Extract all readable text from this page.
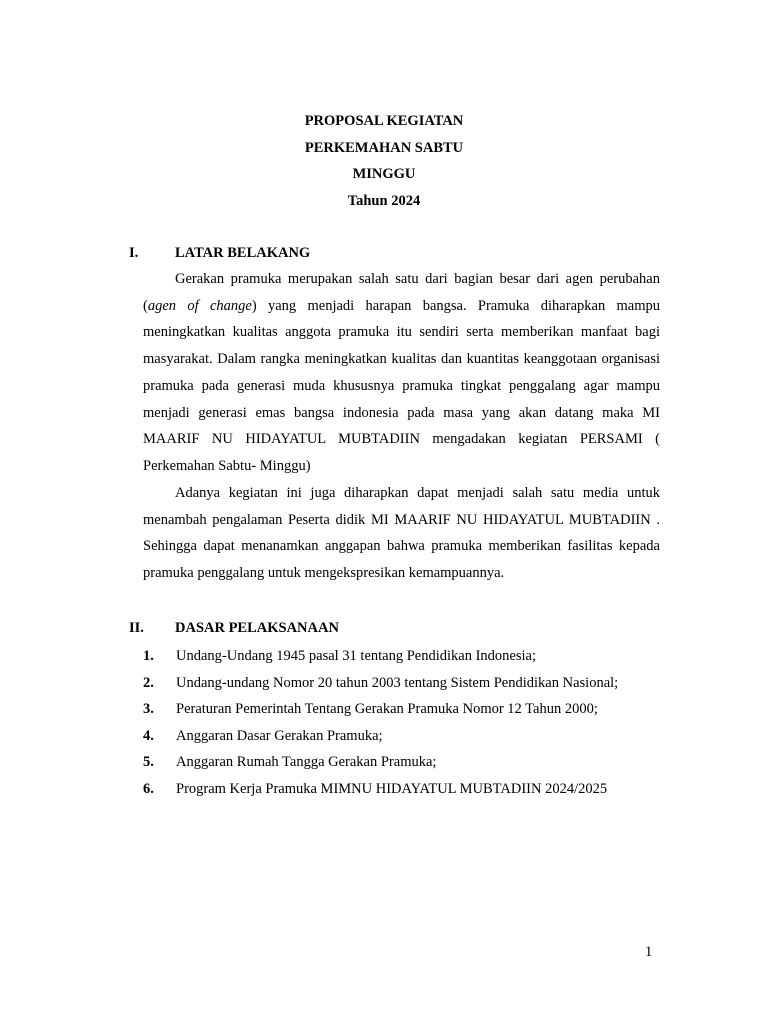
PROPOSAL KEGIATAN
PERKEMAHAN SABTU
MINGGU
Tahun 2024
I.	LATAR BELAKANG

Gerakan pramuka merupakan salah satu dari bagian besar dari agen perubahan (agen of change) yang menjadi harapan bangsa. Pramuka diharapkan mampu meningkatkan kualitas anggota pramuka itu sendiri serta memberikan manfaat bagi masyarakat. Dalam rangka meningkatkan kualitas dan kuantitas keanggotaan organisasi pramuka pada generasi muda khususnya pramuka tingkat penggalang agar mampu menjadi generasi emas bangsa indonesia pada masa yang akan datang maka MI MAARIF NU HIDAYATUL MUBTADIIN mengadakan kegiatan PERSAMI ( Perkemahan Sabtu- Minggu)

Adanya kegiatan ini juga diharapkan dapat menjadi salah satu media untuk menambah pengalaman Peserta didik MI MAARIF NU HIDAYATUL MUBTADIIN . Sehingga dapat menanamkan anggapan bahwa pramuka memberikan fasilitas kepada pramuka penggalang untuk mengekspresikan kemampuannya.

II. DASAR PELAKSANAAN
1. Undang-Undang 1945 pasal 31 tentang Pendidikan Indonesia;
2. Undang-undang Nomor 20 tahun 2003 tentang Sistem Pendidikan Nasional;
3. Peraturan Pemerintah Tentang Gerakan Pramuka Nomor 12 Tahun 2000;
4. Anggaran Dasar Gerakan Pramuka;
5. Anggaran Rumah Tangga Gerakan Pramuka;
6. Program Kerja Pramuka MIMNU HIDAYATUL MUBTADIIN 2024/2025
1
